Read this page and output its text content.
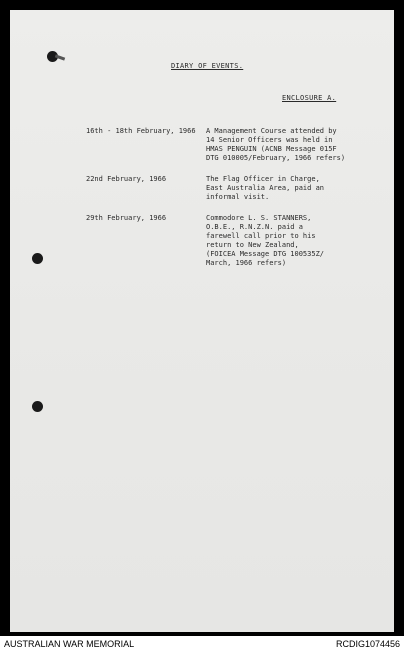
DIARY OF EVENTS.
ENCLOSURE A.
16th - 18th February, 1966 A Management Course attended by
14 Senior Officers was held in
HMAS PENGUIN (ACNB Message 015F
DTG 010005/February, 1966 refers)
22nd February, 1966	The Flag Officer in Charge,
East Australia Area, paid an
informal visit.
29th February, 1966	Commodore L. S. STANNERS,
O.B.E., R.N.Z.N. paid a
farewell call prior to his
return to New Zealand,
(FOICEA Message DTG 100535Z/
March, 1966 refers)
AUSTRALIAN WAR MEMORIAL	RCDIG1074456
